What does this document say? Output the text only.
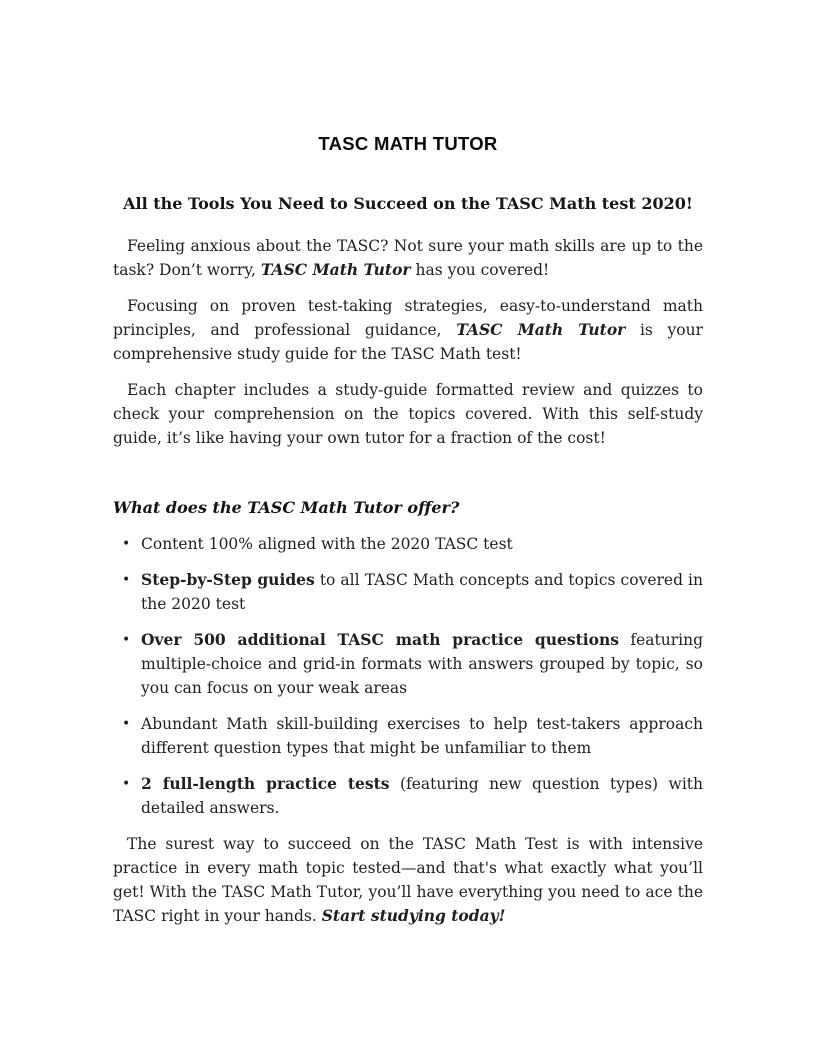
TASC MATH TUTOR
All the Tools You Need to Succeed on the TASC Math test 2020!

Feeling anxious about the TASC? Not sure your math skills are up to the task? Don’t worry, TASC Math Tutor has you covered!

Focusing on proven test-taking strategies, easy-to-understand math principles, and professional guidance, TASC Math Tutor is your comprehensive study guide for the TASC Math test!

Each chapter includes a study-guide formatted review and quizzes to check your comprehension on the topics covered. With this self-study guide, it’s like having your own tutor for a fraction of the cost!

What does the TASC Math Tutor offer?
• Content 100% aligned with the 2020 TASC test
• Step-by-Step guides to all TASC Math concepts and topics covered in the 2020 test
• Over 500 additional TASC math practice questions featuring multiple-choice and grid-in formats with answers grouped by topic, so you can focus on your weak areas
• Abundant Math skill-building exercises to help test-takers approach different question types that might be unfamiliar to them
• 2 full-length practice tests (featuring new question types) with detailed answers.

The surest way to succeed on the TASC Math Test is with intensive practice in every math topic tested—and that's what exactly what you’ll get! With the TASC Math Tutor, you’ll have everything you need to ace the TASC right in your hands. Start studying today!
